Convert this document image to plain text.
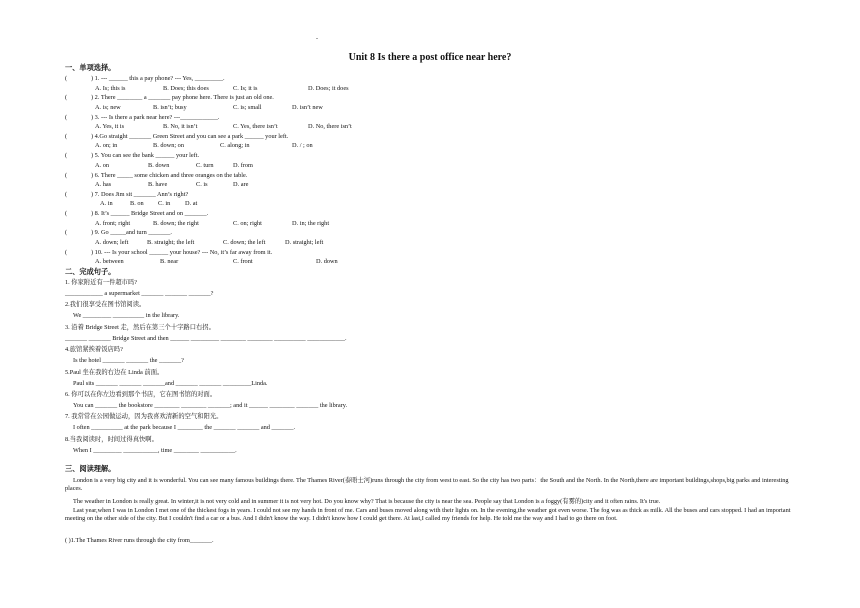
-
Unit 8 Is there a post office near here?
一、单项选择。
(	) 1. --- ______ this a pay phone? --- Yes, _________.
A. Is; this is	B. Does; this does	C. Is; it is	D. Does; it does
(	) 2. There ________ a _______ pay phone here. There is just an old one.
A. is; new	B. isn’t; busy	C. is; small	D. isn’t new
(	) 3. --- Is there a park near here? ---____________.
A. Yes, it is	B. No, it isn’t	C. Yes, there isn’t	D. No, there isn’t
(	) 4.Go straight _______ Green Street and you can see a park ______ your left.
A. on; in	B. down; on	C. along; in	D. / ; on
(	) 5. You can see the bank ______ your left.
A. on	B. down	C. turn	D. from
(	) 6. There _____ some chicken and three oranges on the table.
A. has	B. have	C. is	D. are
(	) 7. Does Jim sit _______ Ann’s right?
A. in	B. on C. in D. at
(	) 8. It’s ______ Bridge Street and on _______.
A. front; right	B. down; the right	C. on; right	D. in; the right
(	) 9. Go _____and turn _______.
A. down; left	B. straight; the left	C. down; the left	D. straight; left
(	) 10. --- Is your school ______ your house? --- No, it’s far away from it.
A. between	B. near	C. front	D. down
二、完成句子。
1. 你家附近有一件超市吗?
____________ a supermarket _______ _______ _______?
2.我们很享受在图书馆阅读。
We _________ __________ in the library.
3. 沿着 Bridge Street 走，然后在第三个十字路口右拐。
_______ _______ Bridge Street and then ______ _________ ________ ________ __________ ____________.
4.旅馆紧挨着饭店吗?
Is the hotel _______ _______ the _______?
5.Paul 坐在我的右边在 Linda 前面。
Paul sits _______ _______ _______and _______ _______ _________Linda.
6. 你可以在你左边看到那个书店，它在图书馆的对面。
You can _______ the bookstore ________ ________ _______; and it ______ ________ _______ the library.
7. 我常常在公园做运动，因为我喜欢清新的空气和阳光。
I often __________ at the park because I ________ the _______ _______ and _______.
8.当我阅读时，时间过得真快啊。
When I _________ ___________, time ________ ___________.
三、阅读理解。
London is a very big city and it is wonderful. You can see many famous buildings there. The Thames River(泰晤士河)runs through the city from west to east. So the city has two parts：the South and the North. In the North,there are important buildings,shops,big parks and interesting places.
The weather in London is really great. In winter,it is not very cold and in summer it is not very hot. Do you know why? That is because the city is near the sea. People say that London is a foggy(有雾的)city and it often rains. It's true.
Last year,when I was in London I met one of the thickest fogs in years. I could not see my hands in front of me. Cars and buses moved along with their lights on. In the evening,the weather got even worse. The fog was as thick as milk. All the buses and cars stopped. I had an important meeting on the other side of the city. But I couldn't find a car or a bus. And I didn't know the way. I didn't know how I could get there. At last,I called my friends for help. He told me the way and I had to go there on foot.
( )1.The Thames River runs through the city from_______.
